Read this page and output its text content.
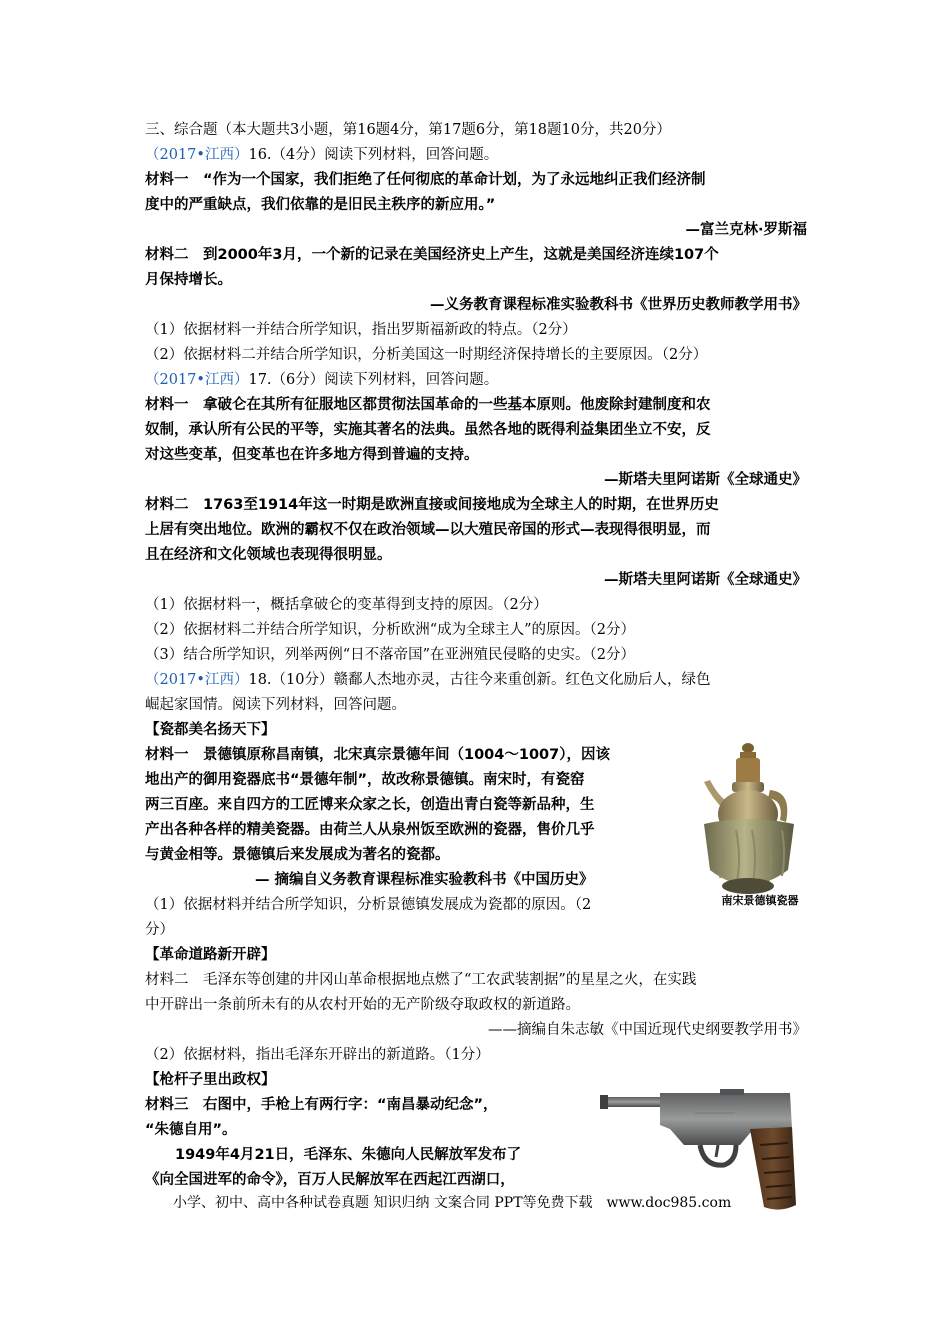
三、综合题（本大题共3小题，第16题4分，第17题6分，第18题10分，共20分）
（2017•江西）16.（4分）阅读下列材料，回答问题。
材料一　“作为一个国家，我们拒绝了任何彻底的革命计划，为了永远地纠正我们经济制
度中的严重缺点，我们依靠的是旧民主秩序的新应用。”
—富兰克林·罗斯福
材料二　到2000年3月，一个新的记录在美国经济史上产生，这就是美国经济连续107个
月保持增长。
—义务教育课程标准实验教科书《世界历史教师教学用书》
（1）依据材料一并结合所学知识，指出罗斯福新政的特点。（2分）
（2）依据材料二并结合所学知识，分析美国这一时期经济保持增长的主要原因。（2分）
（2017•江西）17.（6分）阅读下列材料，回答问题。
材料一　拿破仑在其所有征服地区都贯彻法国革命的一些基本原则。他废除封建制度和农
奴制，承认所有公民的平等，实施其著名的法典。虽然各地的既得利益集团坐立不安，反
对这些变革，但变革也在许多地方得到普遍的支持。
—斯塔夫里阿诺斯《全球通史》
材料二　1763至1914年这一时期是欧洲直接或间接地成为全球主人的时期，在世界历史
上居有突出地位。欧洲的霸权不仅在政治领域—以大殖民帝国的形式—表现得很明显，而
且在经济和文化领域也表现得很明显。
—斯塔夫里阿诺斯《全球通史》
（1）依据材料一，概括拿破仑的变革得到支持的原因。（2分）
（2）依据材料二并结合所学知识，分析欧洲“成为全球主人”的原因。（2分）
（3）结合所学知识，列举两例“日不落帝国”在亚洲殖民侵略的史实。（2分）
（2017•江西）18.（10分）赣鄱人杰地亦灵，古往今来重创新。红色文化励后人，绿色
崛起家国情。阅读下列材料，回答问题。
【瓷都美名扬天下】
材料一　景德镇原称昌南镇，北宋真宗景德年间（1004～1007），因该
地出产的御用瓷器底书“景德年制”，故改称景德镇。南宋时，有瓷窑
两三百座。来自四方的工匠博来众家之长，创造出青白瓷等新品种，生
产出各种各样的精美瓷器。由荷兰人从泉州饭至欧洲的瓷器，售价几乎
与黄金相等。景德镇后来发展成为著名的瓷都。
— 摘编自义务教育课程标准实验教科书《中国历史》
（1）依据材料并结合所学知识，分析景德镇发展成为瓷都的原因。（2
分）
【革命道路新开辟】
材料二　毛泽东等创建的井冈山革命根据地点燃了“工农武装割据”的星星之火，在实践
中开辟出一条前所未有的从农村开始的无产阶级夺取政权的新道路。
——摘编自朱志敏《中国近现代史纲要教学用书》
（2）依据材料，指出毛泽东开辟出的新道路。（1分）
【枪杆子里出政权】
材料三　右图中，手枪上有两行字：“南昌暴动纪念”，
“朱德自用”。
1949年4月21日，毛泽东、朱德向人民解放军发布了
《向全国进军的命令》，百万人民解放军在西起江西湖口，
南宋景德镇瓷器
小学、初中、高中各种试卷真题 知识归纳 文案合同 PPT等免费下载　www.doc985.com
